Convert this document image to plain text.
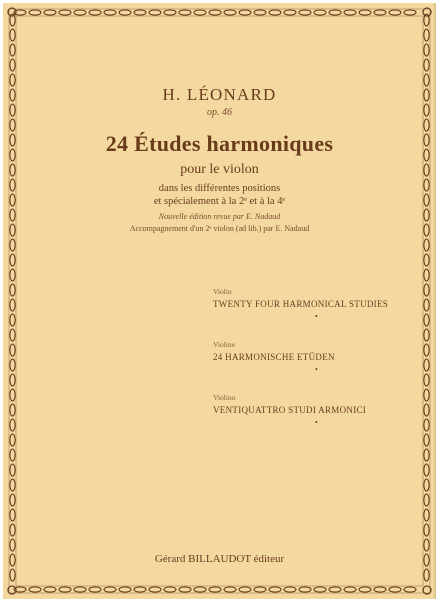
H. LÉONARD
op. 46
24 Études harmoniques
pour le violon
dans les différentes positions
et spécialement à la 2ᵉ et à la 4ᵉ
Nouvelle édition revue par E. Nadaud
Accompagnement d'un 2ᵉ violon (ad lib.) par E. Nadaud
Violin
TWENTY FOUR HARMONICAL STUDIES
•
Violine
24 HARMONISCHE ETÜDEN
•
Violino
VENTIQUATTRO STUDI ARMONICI
•
Gérard BILLAUDOT éditeur
